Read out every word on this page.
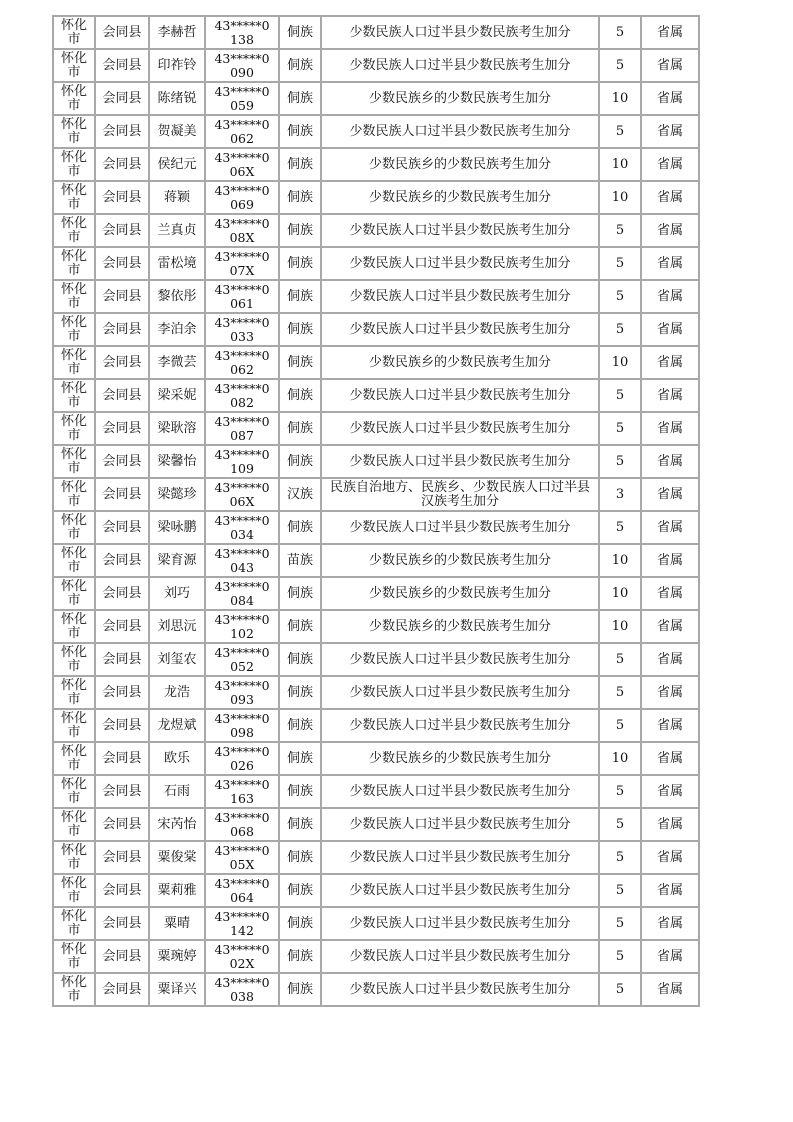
怀化市	会同县	李赫哲	43*****0138	侗族	少数民族人口过半县少数民族考生加分	5	省属

怀化市	会同县	印祚铃	43*****0090	侗族	少数民族人口过半县少数民族考生加分	5	省属

怀化市	会同县	陈绪锐	43*****0059	侗族	少数民族乡的少数民族考生加分	10	省属

怀化市	会同县	贺凝美	43*****0062	侗族	少数民族人口过半县少数民族考生加分	5	省属

怀化市	会同县	侯纪元	43*****006X	侗族	少数民族乡的少数民族考生加分	10	省属

怀化市	会同县	蒋颖	43*****0069	侗族	少数民族乡的少数民族考生加分	10	省属

怀化市	会同县	兰真贞	43*****008X	侗族	少数民族人口过半县少数民族考生加分	5	省属

怀化市	会同县	雷松境	43*****007X	侗族	少数民族人口过半县少数民族考生加分	5	省属

怀化市	会同县	黎依彤	43*****0061	侗族	少数民族人口过半县少数民族考生加分	5	省属

怀化市	会同县	李泊余	43*****0033	侗族	少数民族人口过半县少数民族考生加分	5	省属

怀化市	会同县	李微芸	43*****0062	侗族	少数民族乡的少数民族考生加分	10	省属

怀化市	会同县	梁采妮	43*****0082	侗族	少数民族人口过半县少数民族考生加分	5	省属

怀化市	会同县	梁耿溶	43*****0087	侗族	少数民族人口过半县少数民族考生加分	5	省属

怀化市	会同县	梁馨怡	43*****0109	侗族	少数民族人口过半县少数民族考生加分	5	省属

怀化市	会同县	梁懿珍	43*****006X	汉族	民族自治地方、民族乡、少数民族人口过半县汉族考生加分	3	省属

怀化市	会同县	梁咏鹏	43*****0034	侗族	少数民族人口过半县少数民族考生加分	5	省属

怀化市	会同县	梁育源	43*****0043	苗族	少数民族乡的少数民族考生加分	10	省属

怀化市	会同县	刘巧	43*****0084	侗族	少数民族乡的少数民族考生加分	10	省属

怀化市	会同县	刘思沅	43*****0102	侗族	少数民族乡的少数民族考生加分	10	省属

怀化市	会同县	刘玺农	43*****0052	侗族	少数民族人口过半县少数民族考生加分	5	省属

怀化市	会同县	龙浩	43*****0093	侗族	少数民族人口过半县少数民族考生加分	5	省属

怀化市	会同县	龙煜斌	43*****0098	侗族	少数民族人口过半县少数民族考生加分	5	省属

怀化市	会同县	欧乐	43*****0026	侗族	少数民族乡的少数民族考生加分	10	省属

怀化市	会同县	石雨	43*****0163	侗族	少数民族人口过半县少数民族考生加分	5	省属

怀化市	会同县	宋芮怡	43*****0068	侗族	少数民族人口过半县少数民族考生加分	5	省属

怀化市	会同县	粟俊棠	43*****005X	侗族	少数民族人口过半县少数民族考生加分	5	省属

怀化市	会同县	粟莉雅	43*****0064	侗族	少数民族人口过半县少数民族考生加分	5	省属

怀化市	会同县	粟晴	43*****0142	侗族	少数民族人口过半县少数民族考生加分	5	省属

怀化市	会同县	粟琬婷	43*****002X	侗族	少数民族人口过半县少数民族考生加分	5	省属

怀化市	会同县	粟译兴	43*****0038	侗族	少数民族人口过半县少数民族考生加分	5	省属
